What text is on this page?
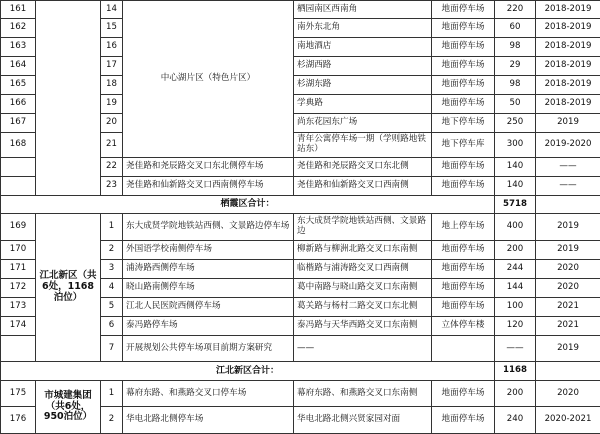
161		14	中心湖片区（特色片区）	栖园南区西南角	地面停车场	220	2018-2019
162		15		南外东北角	地面停车场	60	2018-2019
163		16		南地酒店	地面停车场	98	2018-2019
164		17		杉湖西路	地面停车场	29	2018-2019
165		18		杉湖东路	地面停车场	98	2018-2019
166		19		学典路	地面停车场	50	2018-2019
167		20		尚东花园东广场	地下停车场	250	2019
168		21		青年公寓停车场一期（学则路地铁站东）	地下停车库	300	2019-2020
		22	尧佳路和尧辰路交叉口东北侧停车场	尧佳路和尧辰路交叉口东北侧	地面停车场	140	——
		23	尧佳路和仙新路交叉口西南侧停车场	尧佳路和仙新路交叉口西南侧	地面停车场	140	——
栖霞区合计：						5718	
169	江北新区（共6处，1168泊位）	1	东大成贤学院地铁站西侧、文景路边停车场	东大成贤学院地铁站西侧、文景路边	地上停车场	400	2019
170		2	外国语学校南侧停车场	柳新路与柳洲北路交叉口东南侧	地面停车场	200	2019
171		3	浦涛路西侧停车场	临楷路与浦涛路交叉口西南侧	地面停车场	244	2020
172		4	晓山路南侧停车场	葛中南路与晓山路交叉口东南侧	地面停车场	144	2020
173		5	江北人民医院西侧停车场	葛关路与杨村二路交叉口东北侧	地面停车场	100	2021
174		6	泰冯路停车场	泰冯路与天华西路交叉口东南侧	立体停车楼	120	2021
		7	开展规划公共停车场项目前期方案研究	——		——	2019
江北新区合计：						1168	
175	市城建集团（共6处，950泊位）	1	幕府东路、和燕路交叉口停车场	幕府东路、和燕路交叉口东南侧	地面停车场	200	2020
176		2	华电北路北侧停车场	华电北路北侧兴贤家园对面	地面停车场	240	2020-2021
